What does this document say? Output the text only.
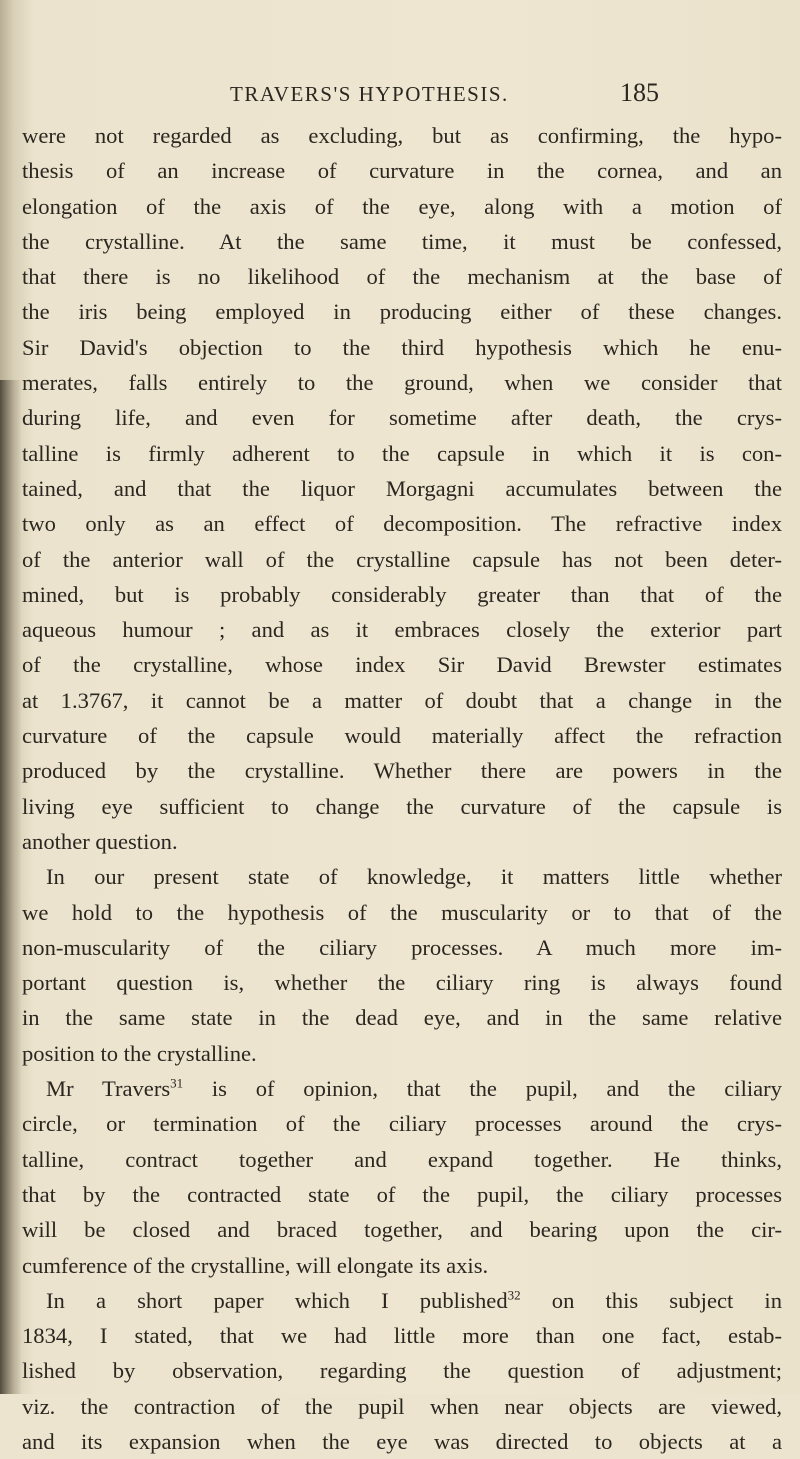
TRAVERS'S HYPOTHESIS.	185
were not regarded as excluding, but as confirming, the hypo-
thesis of an increase of curvature in the cornea, and an
elongation of the axis of the eye, along with a motion of
the crystalline. At the same time, it must be confessed,
that there is no likelihood of the mechanism at the base of
the iris being employed in producing either of these changes.
Sir David's objection to the third hypothesis which he enu-
merates, falls entirely to the ground, when we consider that
during life, and even for sometime after death, the crys-
talline is firmly adherent to the capsule in which it is con-
tained, and that the liquor Morgagni accumulates between the
two only as an effect of decomposition. The refractive index
of the anterior wall of the crystalline capsule has not been deter-
mined, but is probably considerably greater than that of the
aqueous humour ; and as it embraces closely the exterior part
of the crystalline, whose index Sir David Brewster estimates
at 1.3767, it cannot be a matter of doubt that a change in the
curvature of the capsule would materially affect the refraction
produced by the crystalline. Whether there are powers in the
living eye sufficient to change the curvature of the capsule is
another question.
In our present state of knowledge, it matters little whether
we hold to the hypothesis of the muscularity or to that of the
non-muscularity of the ciliary processes. A much more im-
portant question is, whether the ciliary ring is always found
in the same state in the dead eye, and in the same relative
position to the crystalline.
Mr Travers$^{31}$ is of opinion, that the pupil, and the ciliary
circle, or termination of the ciliary processes around the crys-
talline, contract together and expand together. He thinks,
that by the contracted state of the pupil, the ciliary processes
will be closed and braced together, and bearing upon the cir-
cumference of the crystalline, will elongate its axis.
In a short paper which I published$^{32}$ on this subject in
1834, I stated, that we had little more than one fact, estab-
lished by observation, regarding the question of adjustment;
viz. the contraction of the pupil when near objects are viewed,
and its expansion when the eye was directed to objects at a
